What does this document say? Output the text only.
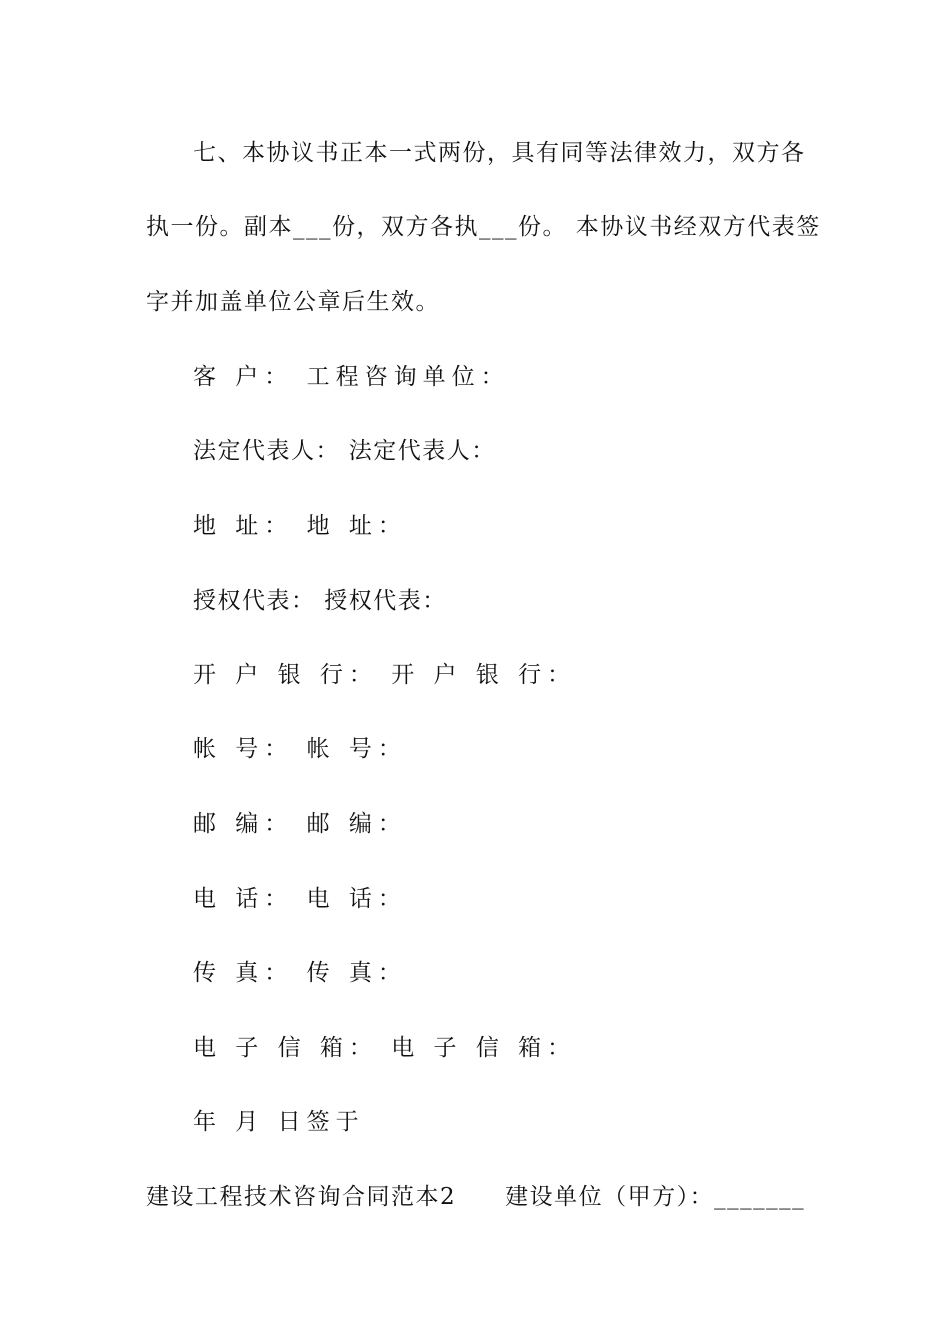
七、本协议书正本一式两份，具有同等法律效力，双方各
执一份。副本___份，双方各执___份。 本协议书经双方代表签
字并加盖单位公章后生效。
客 户： 工程咨询单位：
法定代表人： 法定代表人：
地 址： 地 址：
授权代表： 授权代表：
开 户 银 行： 开 户 银 行：
帐 号： 帐 号：
邮 编： 邮 编：
电 话： 电 话：
传 真： 传 真：
电 子 信 箱： 电 子 信 箱：
年 月 日签于
建设工程技术咨询合同范本2　　建设单位（甲方）：_______
